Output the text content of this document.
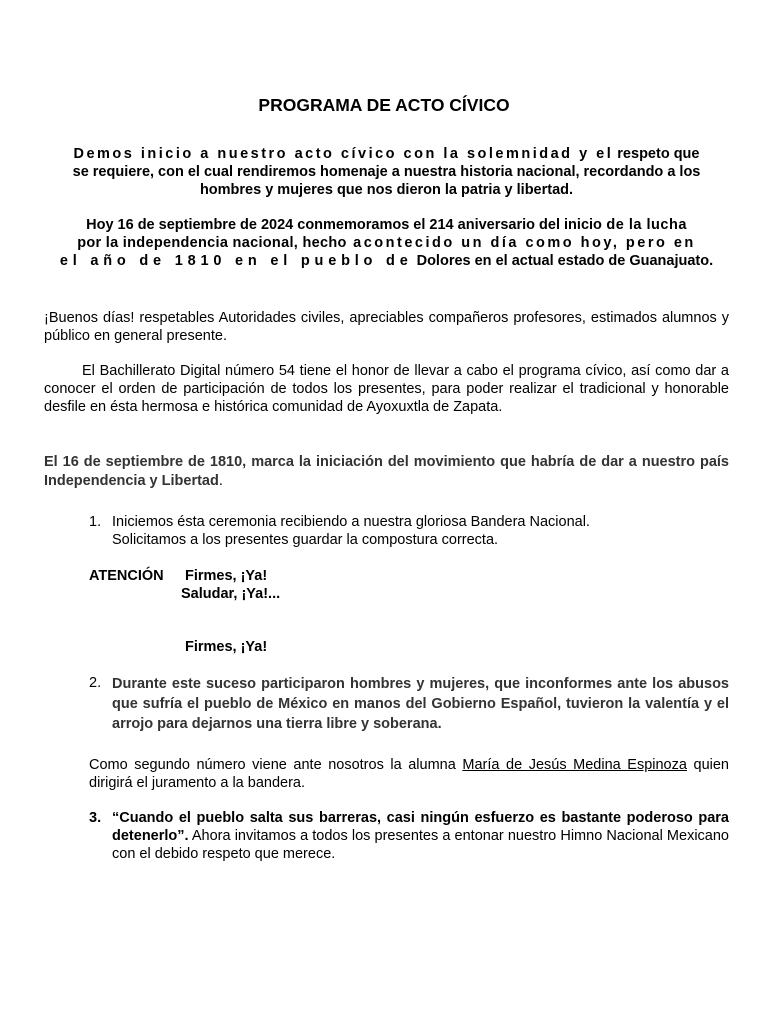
PROGRAMA DE ACTO CÍVICO
Demos inicio a nuestro acto cívico con la solemnidad y el respeto que
se requiere, con el cual rendiremos homenaje a nuestra historia nacional, recordando a los
hombres y mujeres que nos dieron la patria y libertad.
Hoy 16 de septiembre de 2024 conmemoramos el 214 aniversario del inicio de la lucha
por la independencia nacional, hecho acontecido un día como hoy, pero en
el año de 1810 en el pueblo de Dolores en el actual estado de Guanajuato.
¡Buenos días! respetables Autoridades civiles, apreciables compañeros profesores, estimados alumnos y público en general presente.
El Bachillerato Digital número 54 tiene el honor de llevar a cabo el programa cívico, así como dar a conocer el orden de participación de todos los presentes, para poder realizar el tradicional y honorable desfile en ésta hermosa e histórica comunidad de Ayoxuxtla de Zapata.
El 16 de septiembre de 1810, marca la iniciación del movimiento que habría de dar a nuestro país Independencia y Libertad.
1. Iniciemos ésta ceremonia recibiendo a nuestra gloriosa Bandera Nacional.
Solicitamos a los presentes guardar la compostura correcta.
ATENCIÓN Firmes, ¡Ya!
Saludar, ¡Ya!...
Firmes, ¡Ya!
2. Durante este suceso participaron hombres y mujeres, que inconformes ante los abusos que sufría el pueblo de México en manos del Gobierno Español, tuvieron la valentía y el arrojo para dejarnos una tierra libre y soberana.
Como segundo número viene ante nosotros la alumna María de Jesús Medina Espinoza quien dirigirá el juramento a la bandera.
3. “Cuando el pueblo salta sus barreras, casi ningún esfuerzo es bastante poderoso para detenerlo”. Ahora invitamos a todos los presentes a entonar nuestro Himno Nacional Mexicano con el debido respeto que merece.
